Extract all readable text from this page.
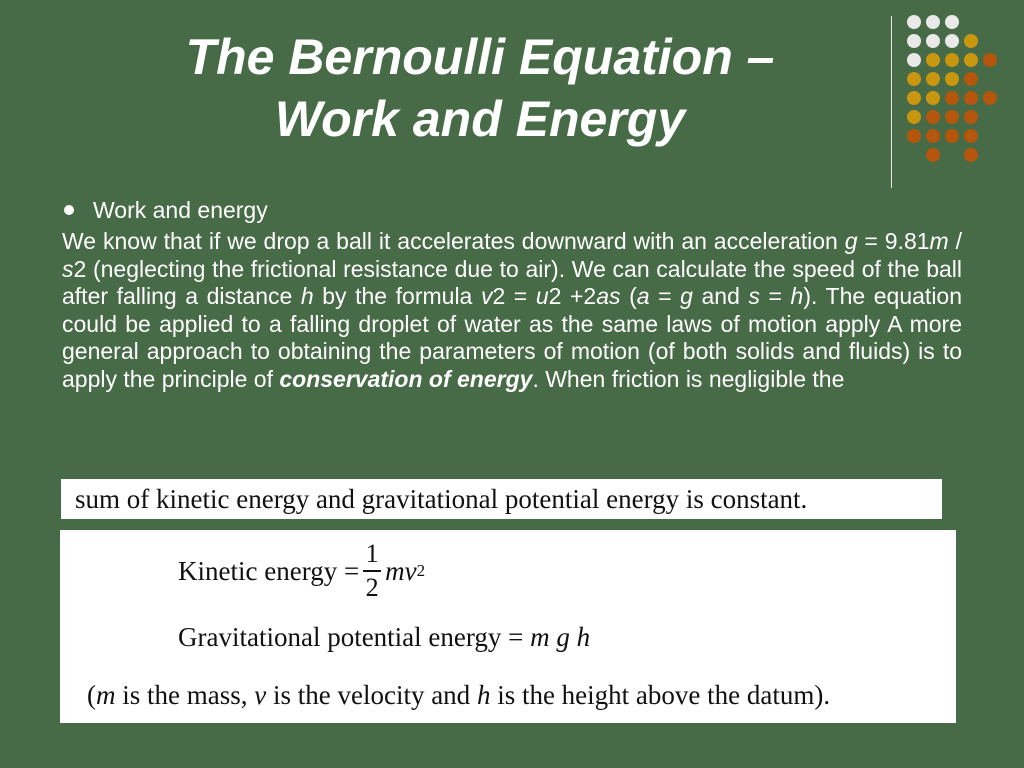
The Bernoulli Equation –
Work and Energy
Work and energy
We know that if we drop a ball it accelerates downward with an acceleration g = 9.81m / s2 (neglecting the frictional resistance due to air). We can calculate the speed of the ball after falling a distance h by the formula v2 = u2 +2as (a = g and s = h). The equation could be applied to a falling droplet of water as the same laws of motion apply A more general approach to obtaining the parameters of motion (of both solids and fluids) is to apply the principle of conservation of energy. When friction is negligible the
sum of kinetic energy and gravitational potential energy is constant.
Kinetic energy = $\frac{1}{2}$ m v 2
Gravitational potential energy = m g h
(m is the mass, v is the velocity and h is the height above the datum).
